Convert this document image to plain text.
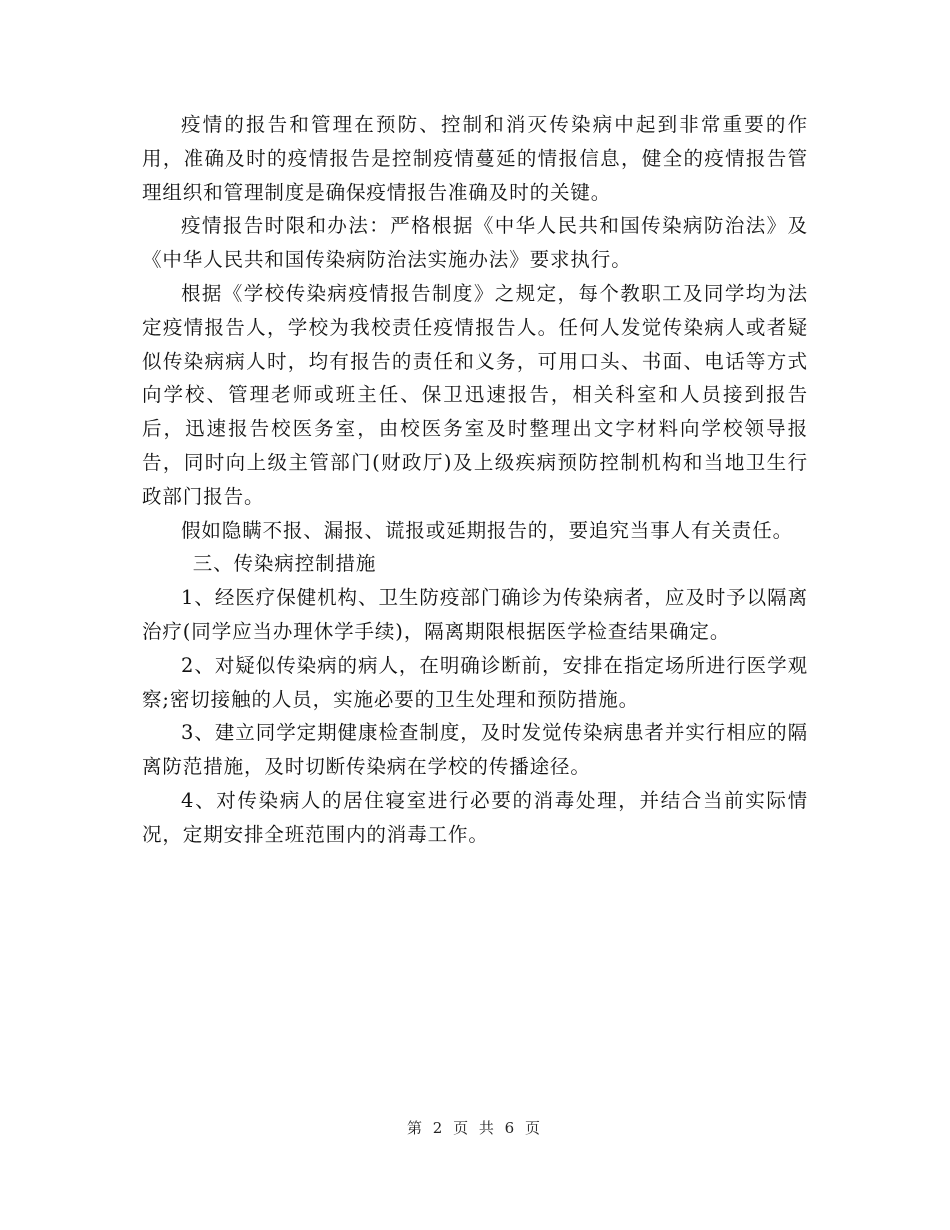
疫情的报告和管理在预防、控制和消灭传染病中起到非常重要的作用，准确及时的疫情报告是控制疫情蔓延的情报信息，健全的疫情报告管理组织和管理制度是确保疫情报告准确及时的关键。

疫情报告时限和办法：严格根据《中华人民共和国传染病防治法》及《中华人民共和国传染病防治法实施办法》要求执行。

根据《学校传染病疫情报告制度》之规定，每个教职工及同学均为法定疫情报告人，学校为我校责任疫情报告人。任何人发觉传染病人或者疑似传染病病人时，均有报告的责任和义务，可用口头、书面、电话等方式向学校、管理老师或班主任、保卫迅速报告，相关科室和人员接到报告后，迅速报告校医务室，由校医务室及时整理出文字材料向学校领导报告，同时向上级主管部门(财政厅)及上级疾病预防控制机构和当地卫生行政部门报告。

假如隐瞒不报、漏报、谎报或延期报告的，要追究当事人有关责任。

三、传染病控制措施

1、经医疗保健机构、卫生防疫部门确诊为传染病者，应及时予以隔离治疗(同学应当办理休学手续)，隔离期限根据医学检查结果确定。

2、对疑似传染病的病人，在明确诊断前，安排在指定场所进行医学观察;密切接触的人员，实施必要的卫生处理和预防措施。

3、建立同学定期健康检查制度，及时发觉传染病患者并实行相应的隔离防范措施，及时切断传染病在学校的传播途径。

4、对传染病人的居住寝室进行必要的消毒处理，并结合当前实际情况，定期安排全班范围内的消毒工作。

第 2 页 共 6 页
